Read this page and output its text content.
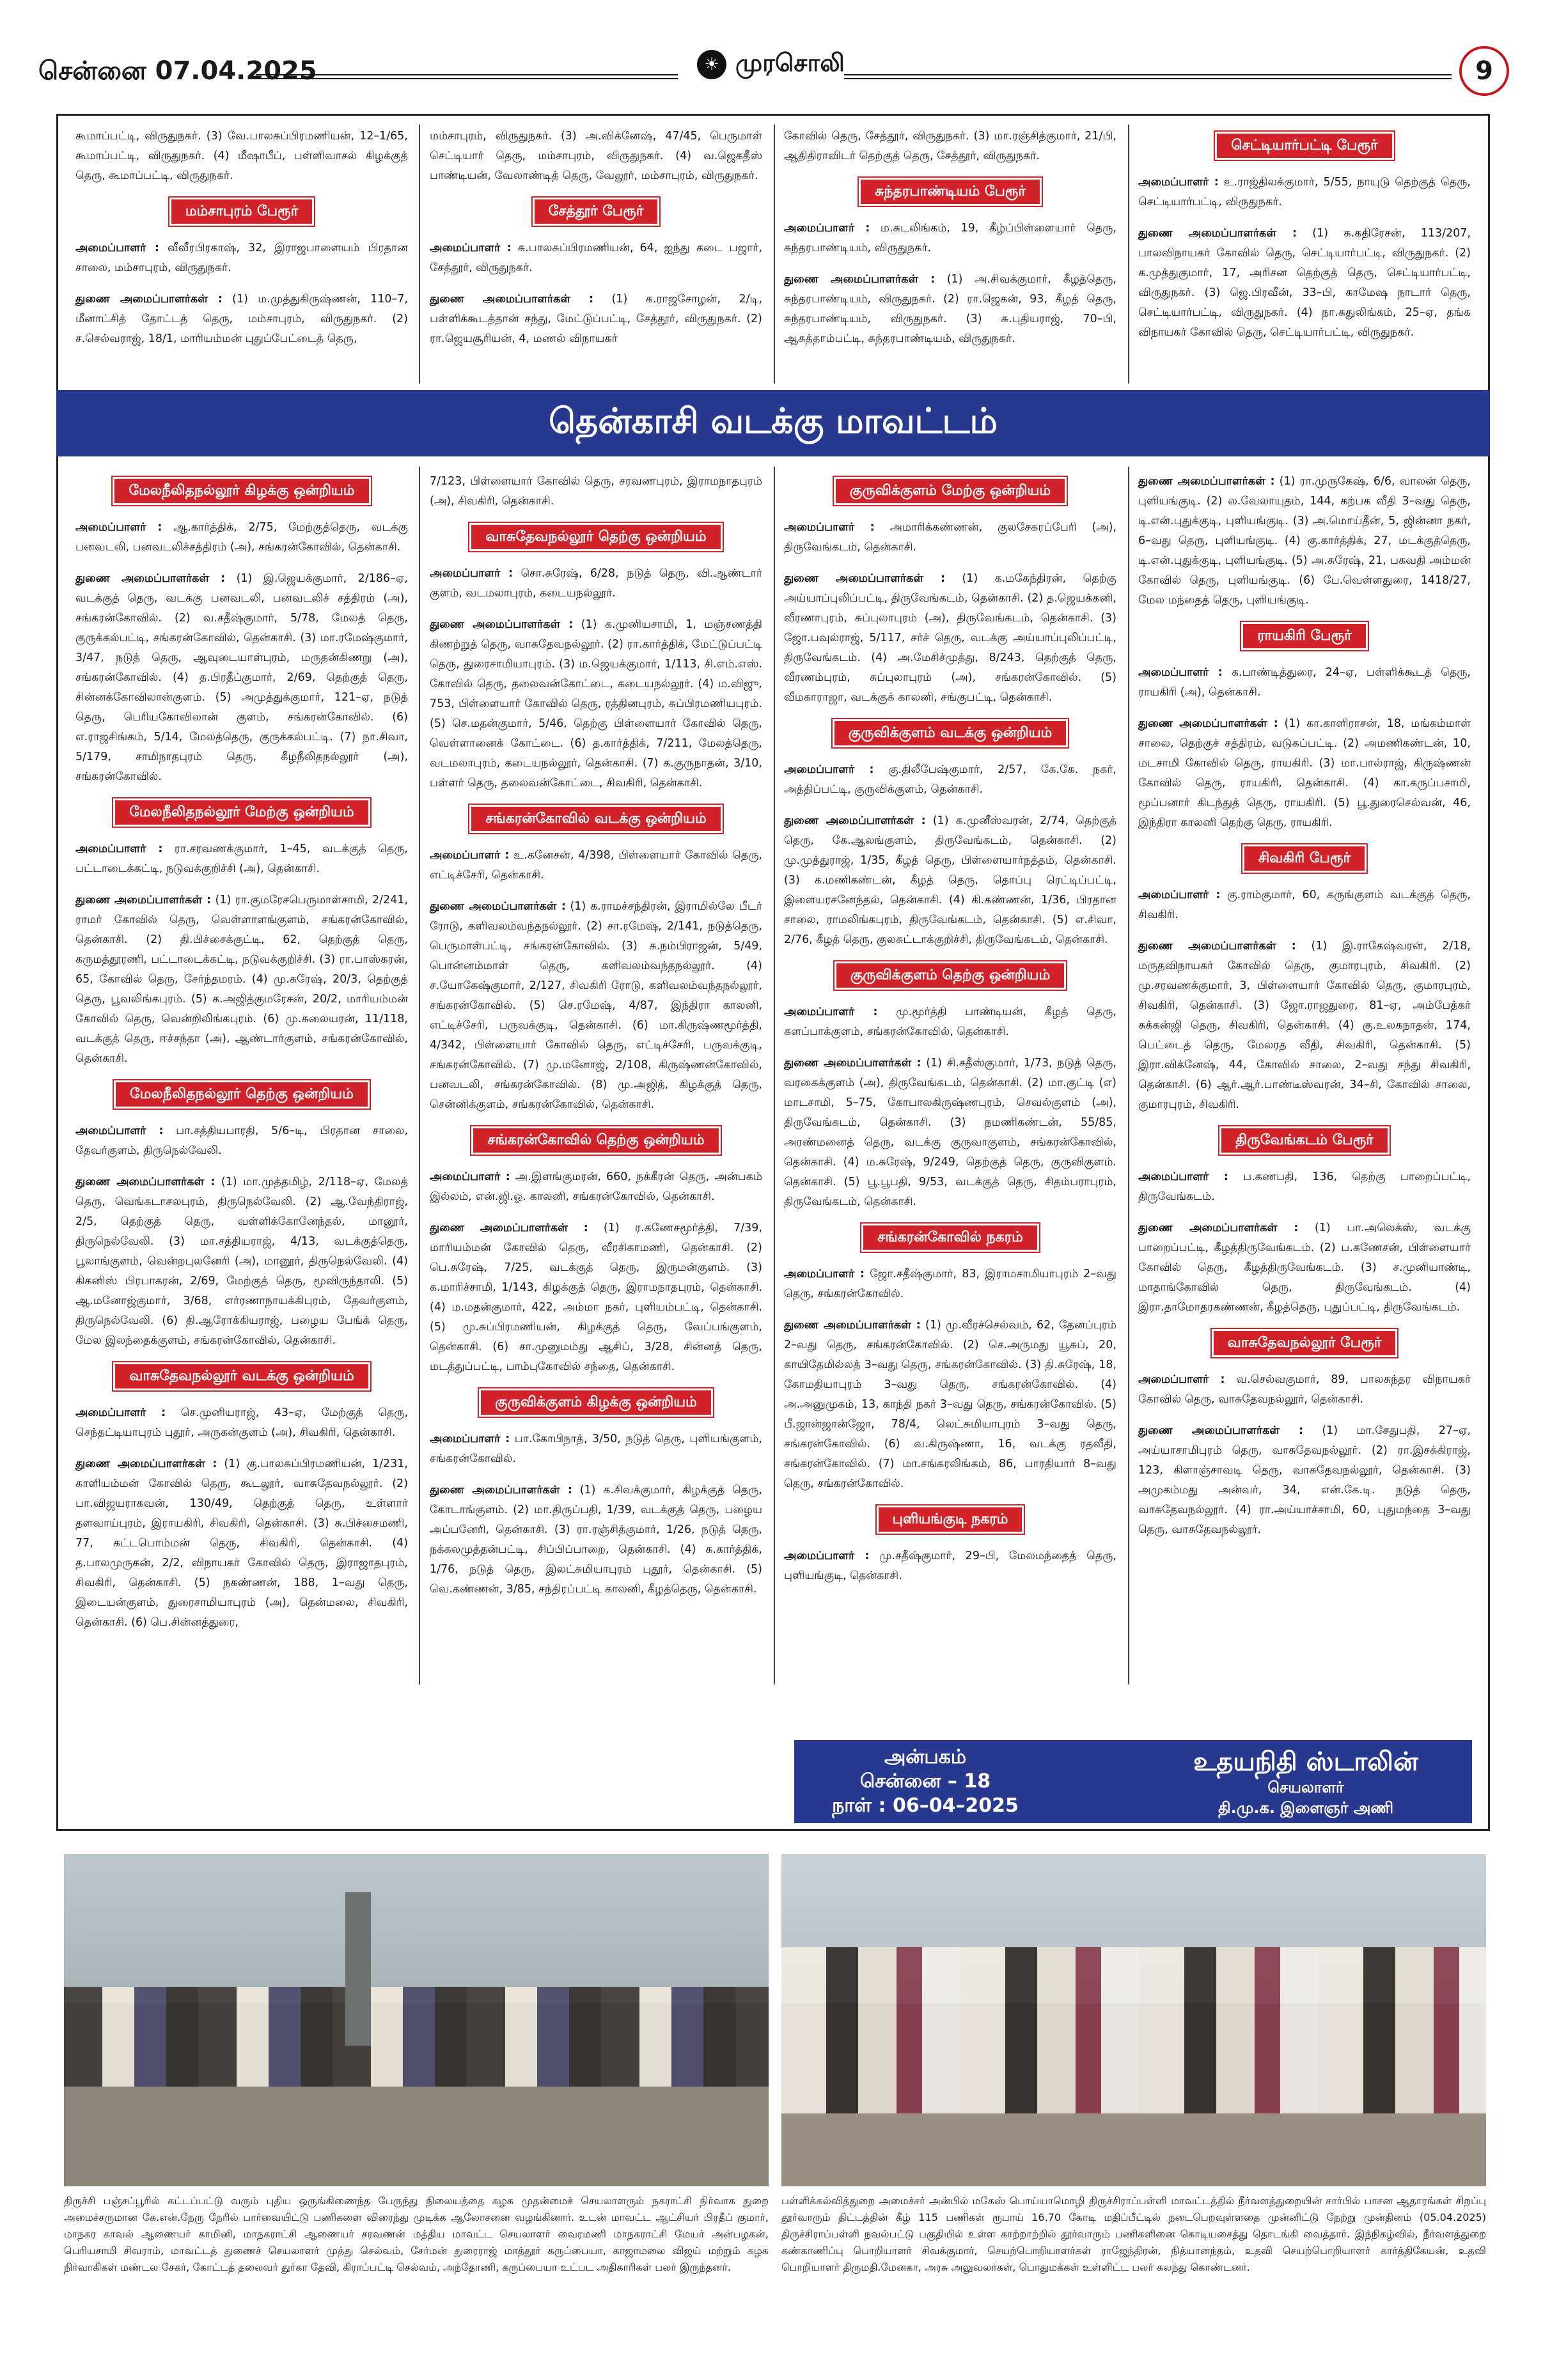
சென்னை 07.04.2025	☀ முரசொலி	9

கூமாப்பட்டி, விருதுநகர். (3) வே.பாலசுப்பிரமணியன், 12–1/65, கூமாப்பட்டி, விருதுநகர். (4) மீஷாபீப், பள்ளிவாசல் கிழக்குத் தெரு, கூமாப்பட்டி, விருதுநகர்.

மம்சாபுரம் பேரூர்

அமைப்பாளர் : வீவீரபிரகாஷ், 32, இராஜபாளையம் பிரதான சாலை, மம்சாபுரம், விருதுநகர்.

துணை அமைப்பாளர்கள் : (1) ம.முத்துகிருஷ்ணன், 110–7, மீனாட்சித் தோட்டத் தெரு, மம்சாபுரம், விருதுநகர். (2) ச.செல்வராஜ், 18/1, மாரியம்மன் புதுப்பேட்டைத் தெரு,

மம்சாபுரம், விருதுநகர். (3) அ.விக்னேஷ், 47/45, பெருமாள் செட்டியார் தெரு, மம்சாபுரம், விருதுநகர். (4) வ.ஜெகதீஸ் பாண்டியன், வேலாண்டித் தெரு, வேலூர், மம்சாபுரம், விருதுநகர்.

சேத்தூர் பேரூர்

அமைப்பாளர் : சு.பாலசுப்பிரமணியன், 64, ஐந்து கடை பஜார், சேத்தூர், விருதுநகர்.

துணை அமைப்பாளர்கள் : (1) க.ராஜசோழன், 2/டி, பள்ளிக்கூடத்தான் சந்து, மேட்டுப்பட்டி, சேத்தூர், விருதுநகர். (2) ரா.ஜெயசூரியன், 4, மணல் விநாயகர்

கோவில் தெரு, சேத்தூர், விருதுநகர். (3) மா.ரஞ்சித்குமார், 21/பி, ஆதிதிராவிடர் தெற்குத் தெரு, சேத்தூர், விருதுநகர்.

சுந்தரபாண்டியம் பேரூர்

அமைப்பாளர் : ம.சுடலிங்கம், 19, கீழ்ப்பிள்ளையார் தெரு, சுந்தரபாண்டியம், விருதுநகர்.

துணை அமைப்பாளர்கள் : (1) அ.சிவக்குமார், கீழத்தெரு, சுந்தரபாண்டியம், விருதுநகர். (2) ரா.ஜெகன், 93, கீழத் தெரு, சுந்தரபாண்டியம், விருதுநகர். (3) சு.புதியராஜ், 70–பி, ஆசுத்தாம்பட்டி, சுந்தரபாண்டியம், விருதுநகர்.

செட்டியார்பட்டி பேரூர்

அமைப்பாளர் : உ.ராஜ்திலக்குமார், 5/55, நாயுடு தெற்குத் தெரு, செட்டியார்பட்டி, விருதுநகர்.

துணை அமைப்பாளர்கள் : (1) க.கதிரேசன், 113/207, பாலவிநாயகர் கோவில் தெரு, செட்டியார்பட்டி, விருதுநகர். (2) க.முத்துகுமார், 17, அரிசன தெற்குத் தெரு, செட்டியார்பட்டி, விருதுநகர். (3) ஜெ.பிரவீன், 33–பி, காமேஷ நாடார் தெரு, செட்டியார்பட்டி, விருதுநகர். (4) நா.சுதுலிங்கம், 25–ஏ, தங்க விநாயகர் கோவில் தெரு, செட்டியார்பட்டி, விருதுநகர்.

தென்காசி வடக்கு மாவட்டம்
மேலநீலிதநல்லூர் கிழக்கு ஒன்றியம்

அமைப்பாளர் : ஆ.கார்த்திக், 2/75, மேற்குத்தெரு, வடக்கு பனவடலி, பனவடலிச்சத்திரம் (அ), சங்கரன்கோவில், தென்காசி.

துணை அமைப்பாளர்கள் : (1) இ.ஜெயக்குமார், 2/186–ஏ, வடக்குத் தெரு, வடக்கு பனவடலி, பனவடலிச் சத்திரம் (அ), சங்கரன்கோவில். (2) வ.சதீஷ்குமார், 5/78, மேலத் தெரு, குருக்கல்பட்டி, சங்கரன்கோவில், தென்காசி. (3) மா.ரமேஷ்குமார், 3/47, நடுத் தெரு, ஆவுடையாள்புரம், மருதன்கிணறு (அ), சங்கரன்கோவில். (4) த.பிரதீப்குமார், 2/69, தெற்குத் தெரு, சின்னக்கோவிலான்குளம். (5) அமுத்துக்குமார், 121–ஏ, நடுத் தெரு, பெரியகோவிலான் குளம், சங்கரன்கோவில். (6) எ.ராஜசிங்கம், 5/14, மேலத்தெரு, குருக்கல்பட்டி. (7) நா.சிவா, 5/179, சாமிநாதபுரம் தெரு, கீழநீலிதநல்லூர் (அ), சங்கரன்கோவில்.

மேலநீலிதநல்லூர் மேற்கு ஒன்றியம்

அமைப்பாளர் : ரா.சரவணக்குமார், 1–45, வடக்குத் தெரு, பட்டாடைக்கட்டி, நடுவக்குறிச்சி (அ), தென்காசி.

துணை அமைப்பாளர்கள் : (1) ரா.குமரேசபெருமாள்சாமி, 2/241, ராமர் கோவில் தெரு, வெள்ளாளங்குளம், சங்கரன்கோவில், தென்காசி. (2) தி.பிச்சைக்குட்டி, 62, தெற்குத் தெரு, கருமத்தூரணி, பட்டாடைக்கட்டி, நடுவக்குறிச்சி. (3) ரா.பாஸ்கரன், 65, கோவில் தெரு, சேர்ந்தமரம். (4) மு.கரேஷ், 20/3, தெற்குத் தெரு, பூவலிங்கபுரம். (5) க.அஜித்குமரேசன், 20/2, மாரியம்மன் கோவில் தெரு, வென்றிலிங்கபுரம். (6) மு.சுலையரன், 11/118, வடக்குத் தெரு, ஈச்சந்தா (அ), ஆண்டார்குளம், சங்கரன்கோவில், தென்காசி.

மேலநீலிதநல்லூர் தெற்கு ஒன்றியம்

அமைப்பாளர் : பா.சத்தியபாரதி, 5/6–டி, பிரதான சாலை, தேவர்குளம், திருநெல்வேலி.

துணை அமைப்பாளர்கள் : (1) மா.முத்தமிழ், 2/118–ஏ, மேலத் தெரு, வெங்கடாசலபுரம், திருநெல்வேலி. (2) ஆ.வேந்திராஜ், 2/5, தெற்குத் தெரு, வள்ளிக்கோனேந்தல், மானூர், திருநெல்வேலி. (3) மா.சத்தியராஜ், 4/13, வடக்குத்தெரு, பூலாங்குளம், வென்றபுலனேரி (அ), மானூர், திருநெல்வேலி. (4) கிகனிஸ் பிரபாகரன், 2/69, மேற்குத் தெரு, மூவிருந்தாலி. (5) ஆ.மனோஜ்குமார், 3/68, எர்ரணாநாயக்கிபுரம், தேவர்குளம், திருநெல்வேலி. (6) தி.ஆரோக்கியராஜ், பழைய பேங்க் தெரு, மேல இலந்தைக்குளம், சங்கரன்கோவில், தென்காசி.

வாசுதேவநல்லூர் வடக்கு ஒன்றியம்

அமைப்பாளர் : செ.முனியராஜ், 43–ஏ, மேற்குத் தெரு, செந்தட்டியாபுரம் புதூர், அருகன்குளம் (அ), சிவகிரி, தென்காசி.

துணை அமைப்பாளர்கள் : (1) கு.பாலசுப்பிரமணியன், 1/231, காளியம்மன் கோவில் தெரு, கூடலூர், வாசுதேவநல்லூர். (2) பா.விஜயராகவன், 130/49, தெற்குத் தெரு, உள்ளார் தளவாய்புரம், இராயகிரி, சிவகிரி, தென்காசி. (3) சு.பிச்சைமணி, 77, கட்டபொம்மன் தெரு, சிவகிரி, தென்காசி. (4) த.பாலமுருகன், 2/2, விநாயகர் கோவில் தெரு, இராஜாதபுரம், சிவகிரி, தென்காசி. (5) நகண்ணன், 188, 1–வது தெரு, இடையன்குளம், துரைசாமியாபுரம் (அ), தென்மலை, சிவகிரி, தென்காசி. (6) பெ.சின்னத்துரை,

7/123, பிள்ளையார் கோவில் தெரு, சரவணபுரம், இராமநாதபுரம் (அ), சிவகிரி, தென்காசி.

வாசுதேவநல்லூர் தெற்கு ஒன்றியம்

அமைப்பாளர் : சொ.சுரேஷ், 6/28, நடுத் தெரு, வி.ஆண்டார் குளம், வடமலாபுரம், கடையநல்லூர்.

துணை அமைப்பாளர்கள் : (1) க.முனியசாமி, 1, மஞ்சணத்தி கிணற்றுத் தெரு, வாசுதேவநல்லூர். (2) ரா.கார்த்திக், மேட்டுப்பட்டி தெரு, துரைசாமியாபுரம். (3) ம.ஜெயக்குமார், 1/113, சி.எம்.எஸ். கோவில் தெரு, தலைவன்கோட்டை, கடையநல்லூர். (4) ம.விஜு, 753, பிள்ளையார் கோவில் தெரு, ரத்தினபுரம், சுப்பிரமணியபுரம். (5) செ.மதன்குமார், 5/46, தெற்கு பிள்ளையார் கோவில் தெரு, வெள்ளானைக் கோட்டை. (6) த.கார்த்திக், 7/211, மேலத்தெரு, வடமலாபுரம், கடையநல்லூர், தென்காசி. (7) க.குருநாதன், 3/10, பள்ளர் தெரு, தலைவன்கோட்டை, சிவகிரி, தென்காசி.

சங்கரன்கோவில் வடக்கு ஒன்றியம்

அமைப்பாளர் : உ.கனேசன், 4/398, பிள்ளையார் கோவில் தெரு, எட்டிச்சேரி, தென்காசி.

துணை அமைப்பாளர்கள் : (1) க.ராமச்சந்திரன், இராமில்லே பீடர் ரோடு, களிவலம்வந்தநல்லூர். (2) சா.ரமேஷ், 2/141, நடுத்தெரு, பெருமாள்பட்டி, சங்கரன்கோவில். (3) சு.நம்பிராஜன், 5/49, பொன்னம்மாள் தெரு, களிவலம்வந்தநல்லூர். (4) ச.யோகேஷ்குமார், 2/127, சிவகிரி ரோடு, களிவலம்வந்தநல்லூர், சங்கரன்கோவில். (5) செ.ரமேஷ், 4/87, இந்திரா காலனி, எட்டிச்சேரி, பருவக்குடி, தென்காசி. (6) மா.கிருஷ்ணமூர்த்தி, 4/342, பிள்ளையார் கோவில் தெரு, எட்டிச்சேரி, பருவக்குடி, சங்கரன்கோவில். (7) மு.மனோஜ், 2/108, கிருஷ்ணன்கோவில், பனவடலி, சங்கரன்கோவில். (8) மு.அஜித், கிழக்குத் தெரு, சென்னிக்குளம், சங்கரன்கோவில், தென்காசி.

சங்கரன்கோவில் தெற்கு ஒன்றியம்

அமைப்பாளர் : அ.இளங்குமரன், 660, நக்கீரன் தெரு, அன்பகம் இல்லம், என்.ஜி.ஓ. காலனி, சங்கரன்கோவில், தென்காசி.

துணை அமைப்பாளர்கள் : (1) ர.கணேசமூர்த்தி, 7/39, மாரியம்மன் கோவில் தெரு, வீரசிகாமணி, தென்காசி. (2) பெ.சுரேஷ், 7/25, வடக்குத் தெரு, இருமன்குளம். (3) க.மாரிச்சாமி, 1/143, கிழக்குத் தெரு, இராமநாதபுரம், தென்காசி. (4) ம.மதன்குமார், 422, அம்மா நகர், புளியம்பட்டி, தென்காசி. (5) மு.சுப்பிரமணியன், கிழக்குத் தெரு, வேப்பங்குளம், தென்காசி. (6) சா.முனுமம்து ஆசிப், 3/28, சின்னத் தெரு, மடத்துப்பட்டி, பாம்புகோவில் சந்தை, தென்காசி.

குருவிக்குளம் கிழக்கு ஒன்றியம்

அமைப்பாளர் : பா.கோபிநாத், 3/50, நடுத் தெரு, புளியங்குளம், சங்கரன்கோவில்.

துணை அமைப்பாளர்கள் : (1) க.சிவக்குமார், கிழக்குத் தெரு, கோடாங்குளம். (2) மா.திருப்பதி, 1/39, வடக்குத் தெரு, பழைய அப்பனேரி, தென்காசி. (3) ரா.ரஞ்சித்குமார், 1/26, நடுத் தெரு, நக்கலமுத்தன்பட்டி, சிப்பிப்பாறை, தென்காசி. (4) க.கார்த்திக், 1/76, நடுத் தெரு, இலட்சுமியாபுரம் புதூர், தென்காசி. (5) வெ.கண்ணன், 3/85, சந்திரப்பட்டி காலனி, கீழத்தெரு, தென்காசி.

குருவிக்குளம் மேற்கு ஒன்றியம்

அமைப்பாளர் : அமாரிக்கண்ணன், குலசேகரப்பேரி (அ), திருவேங்கடம், தென்காசி.

துணை அமைப்பாளர்கள் : (1) க.மகேந்திரன், தெற்கு அய்யாப்புலிப்பட்டி, திருவேங்கடம், தென்காசி. (2) த.ஜெயக்கனி, வீரணாபுரம், சுப்புலாபுரம் (அ), திருவேங்கடம், தென்காசி. (3) ஜோ.பவுல்ராஜ், 5/117, சர்ச் தெரு, வடக்கு அய்யாப்புலிப்பட்டி, திருவேங்கடம். (4) அ.மேசிச்முத்து, 8/243, தெற்குத் தெரு, வீரணம்புரம், சுப்புலாபுரம் (அ), சங்கரன்கோவில். (5) வீமகாராஜா, வடக்குக் காலனி, சங்குபட்டி, தென்காசி.

குருவிக்குளம் வடக்கு ஒன்றியம்

அமைப்பாளர் : கு.திலீபேஷ்குமார், 2/57, கே.கே. நகர், அத்திப்பட்டி, குருவிக்குளம், தென்காசி.

துணை அமைப்பாளர்கள் : (1) க.முனீஸ்வரன், 2/74, தெற்குத் தெரு, கே.ஆலங்குளம், திருவேங்கடம், தென்காசி. (2) மு.முத்துராஜ், 1/35, கீழத் தெரு, பிள்ளையார்நத்தம், தென்காசி. (3) க.மணிகண்டன், கீழத் தெரு, தொப்பு ரெட்டிப்பட்டி, இளையரசனேந்தல், தென்காசி. (4) கி.கண்ணன், 1/36, பிரதான சாலை, ராமலிங்கபுரம், திருவேங்கடம், தென்காசி. (5) எ.சிவா, 2/76, கீழத் தெரு, குலசுட்டாக்குறிச்சி, திருவேங்கடம், தென்காசி.

குருவிக்குளம் தெற்கு ஒன்றியம்

அமைப்பாளர் : மு.மூர்த்தி பாண்டியன், கீழத் தெரு, களப்பாக்குளம், சங்கரன்கோவில், தென்காசி.

துணை அமைப்பாளர்கள் : (1) சி.சதீஸ்குமார், 1/73, நடுத் தெரு, வரகைக்குளம் (அ), திருவேங்கடம், தென்காசி. (2) மா.குட்டி (எ) மாடசாமி, 5–75, கோபாலகிருஷ்ணபுரம், செவல்குளம் (அ), திருவேங்கடம், தென்காசி. (3) நமணிகண்டன், 55/85, அரண்மனைத் தெரு, வடக்கு குருவாகுளம், சங்கரன்கோவில், தென்காசி. (4) ம.சுரேஷ், 9/249, தெற்குத் தெரு, குருவிகுளம். தென்காசி. (5) பூ.பூபதி, 9/53, வடக்குத் தெரு, சிதம்பராபுரம், திருவேங்கடம், தென்காசி.

சங்கரன்கோவில் நகரம்

அமைப்பாளர் : ஜோ.சதீஷ்குமார், 83, இராமசாமியாபுரம் 2–வது தெரு, சங்கரன்கோவில்.

துணை அமைப்பாளர்கள் : (1) மு.வீரச்செல்வம், 62, தேனப்புரம் 2–வது தெரு, சங்கரன்கோவில். (2) செ.அருமது யூசுப், 20, காயிதேமில்லத் 3–வது தெரு, சங்கரன்கோவில். (3) தி.சுரேஷ், 18, கோமதியாபுரம் 3–வது தெரு, சங்கரன்கோவில். (4) அ.அனுமுகம், 13, காந்தி நகர் 3–வது தெரு, சங்கரன்கோவில். (5) பீ.ஜான்ஜான்ஜோ, 78/4, லெட்சுமியாபுரம் 3–வது தெரு, சங்கரன்கோவில். (6) வ.கிருஷ்ணா, 16, வடக்கு ரதவீதி, சங்கரன்கோவில். (7) மா.சங்கரலிங்கம், 86, பாரதியார் 8–வது தெரு, சங்கரன்கோவில்.

புளியங்குடி நகரம்

அமைப்பாளர் : மு.சதீஷ்குமார், 29–பி, மேலமந்தைத் தெரு, புளியங்குடி, தென்காசி.

துணை அமைப்பாளர்கள் : (1) ரா.முருகேஷ், 6/6, வாலன் தெரு, புளியங்குடி. (2) ல.வேலாயுதம், 144, கற்பக வீதி 3–வது தெரு, டி.என்.புதுக்குடி, புளியங்குடி. (3) அ.மொய்தீன், 5, ஜின்னா நகர், 6–வது தெரு, புளியங்குடி. (4) கு.கார்த்திக், 27, மடக்குத்தெரு, டி.என்.புதுக்குடி, புளியங்குடி. (5) அ.சுரேஷ், 21, பகவதி அம்மன் கோவில் தெரு, புளியங்குடி. (6) பே.வெள்ளதுரை, 1418/27, மேல மந்தைத் தெரு, புளியங்குடி.

ராயகிரி பேரூர்

அமைப்பாளர் : க.பாண்டித்துரை, 24–ஏ, பள்ளிக்கூடத் தெரு, ராயகிரி (அ), தென்காசி.

துணை அமைப்பாளர்கள் : (1) கா.காளிராசன், 18, மங்கம்மாள் சாலை, தெற்குச் சத்திரம், வடுகப்பட்டி. (2) அமணிகண்டன், 10, மடசாமி கோவில் தெரு, ராயகிரி. (3) மா.பால்ராஜ், கிருஷ்ணன் கோவில் தெரு, ராயகிரி, தென்காசி. (4) கா.கருப்பசாமி, மூப்பனார் கிடந்துத் தெரு, ராயகிரி. (5) பூ.துரைசெல்வன், 46, இந்திரா காலனி தெற்கு தெரு, ராயகிரி.

சிவகிரி பேரூர்

அமைப்பாளர் : கு.ராம்குமார், 60, கருங்குளம் வடக்குத் தெரு, சிவகிரி.

துணை அமைப்பாளர்கள் : (1) இ.ராகேஷ்வரன், 2/18, மருதவிநாயகர் கோவில் தெரு, குமாரபுரம், சிவகிரி. (2) மு.சரவணக்குமார், 3, பிள்ளையார் கோவில் தெரு, குமாரபுரம், சிவகிரி, தென்காசி. (3) ஜோ.ராஜதுரை, 81–ஏ, அம்பேத்கர் சுக்கன்ஜி தெரு, சிவகிரி, தென்காசி. (4) கு.உலகநாதன், 174, பெட்டைத் தெரு, மேலரத வீதி, சிவகிரி, தென்காசி. (5) இரா.விக்னேஷ், 44, கோவில் சாலை, 2–வது சந்து சிவகிரி, தென்காசி. (6) ஆர்.ஆர்.பாண்டீஸ்வரன், 34–சி, கோவில் சாலை, குமாரபுரம், சிவகிரி.

திருவேங்கடம் பேரூர்

அமைப்பாளர் : ப.கணபதி, 136, தெற்கு பாறைப்பட்டி, திருவேங்கடம்.

துணை அமைப்பாளர்கள் : (1) பா.அலெக்ஸ், வடக்கு பாறைப்பட்டி, கீழத்திருவேங்கடம். (2) ப.கணேசன், பிள்ளையார் கோவில் தெரு, கீழத்திருவேங்கடம். (3) ச.முனியாண்டி, மாதாங்கோவில் தெரு, திருவேங்கடம். (4) இரா.தாமோதரகண்ணன், கீழத்தெரு, புதுப்பட்டி, திருவேங்கடம்.

வாசுதேவநல்லூர் பேரூர்

அமைப்பாளர் : வ.செல்வகுமார், 89, பாலசுந்தர விநாயகர் கோவில் தெரு, வாசுதேவநல்லூர், தென்காசி.

துணை அமைப்பாளர்கள் : (1) மா.சேதுபதி, 27–ஏ, அய்யாசாமிபுரம் தெரு, வாசுதேவநல்லூர். (2) ரா.இசக்கிராஜ், 123, கிளாஞ்சாவடி தெரு, வாசுதேவநல்லூர், தென்காசி. (3) அமுகம்மது அன்வர், 34, என்.கே.டி. நடுத் தெரு, வாசுதேவநல்லூர். (4) ரா.அய்யாச்சாமி, 60, புதுமந்தை 3–வது தெரு, வாசுதேவநல்லூர்.

அன்பகம்
சென்னை – 18
நாள் : 06–04–2025
உதயநிதி ஸ்டாலின்
செயலாளர்
தி.மு.க. இளைஞர் அணி
திருச்சி பஞ்சப்பூரில் கட்டப்பட்டு வரும் புதிய ஒருங்கிணைந்த பேருந்து நிலையத்தை கழக முதன்மைச் செயலாளரும் நகராட்சி நிர்வாக துறை அமைச்சருமான கே.என்.நேரு நேரில் பார்வையிட்டு பணிகளை விரைந்து முடிக்க ஆலோசனை வழங்கினார். உடன் மாவட்ட ஆட்சியர் பிரதீப் குமார், மாநகர காவல் ஆணையர் காமினி, மாநகராட்சி ஆணையர் சரவணன் மத்திய மாவட்ட செயலாளர் வைரமணி மாநகராட்சி மேயர் அன்பழகன், பெரியசாமி சிவராம், மாவட்டத் துணைச் செயலாளர் முத்து செல்வம், சேர்மன் துரைராஜ் மாத்தூர் கருப்பையா, காஜாமலை விஜய் மற்றும் கழக நிர்வாகிகள் மண்டல சேகர், கோட்டத் தலைவர் துர்கா தேவி, கிராப்பட்டி செல்வம், அந்தோணி, கருப்பையா உட்பட அதிகாரிகள் பலர் இருந்தனர்.
பள்ளிக்கல்வித்துறை அமைச்சர் அன்பில் மகேஸ் பொய்யாமொழி திருச்சிராப்பள்ளி மாவட்டத்தில் நீர்வளத்துறையின் சார்பில் பாசன ஆதாரங்கள் சிறப்பு தூர்வாரும் திட்டத்தின் கீழ் 115 பணிகள் ரூபாய் 16.70 கோடி மதிப்பீட்டில் நடைபெறவுள்ளதை முன்னிட்டு நேற்று முன்தினம் (05.04.2025) திருச்சிராப்பள்ளி நவல்பட்டு பகுதியில் உள்ள காற்றாற்றில் தூர்வாரும் பணிகளினை கொடியசைத்து தொடங்கி வைத்தார். இந்நிகழ்வில், நீர்வளத்துறை கண்காணிப்பு பொறியாளர் சிவக்குமார், செயற்பொறியாளர்கள் ராஜேந்திரன், நித்யானந்தம், உதவி செயற்பொறியாளர் கார்த்திகேயன், உதவி பொறியாளர் திருமதி.மேனகா, அரசு அலுவலர்கள், பொதுமக்கள் உள்ளிட்ட பலர் கலந்து கொண்டனர்.
